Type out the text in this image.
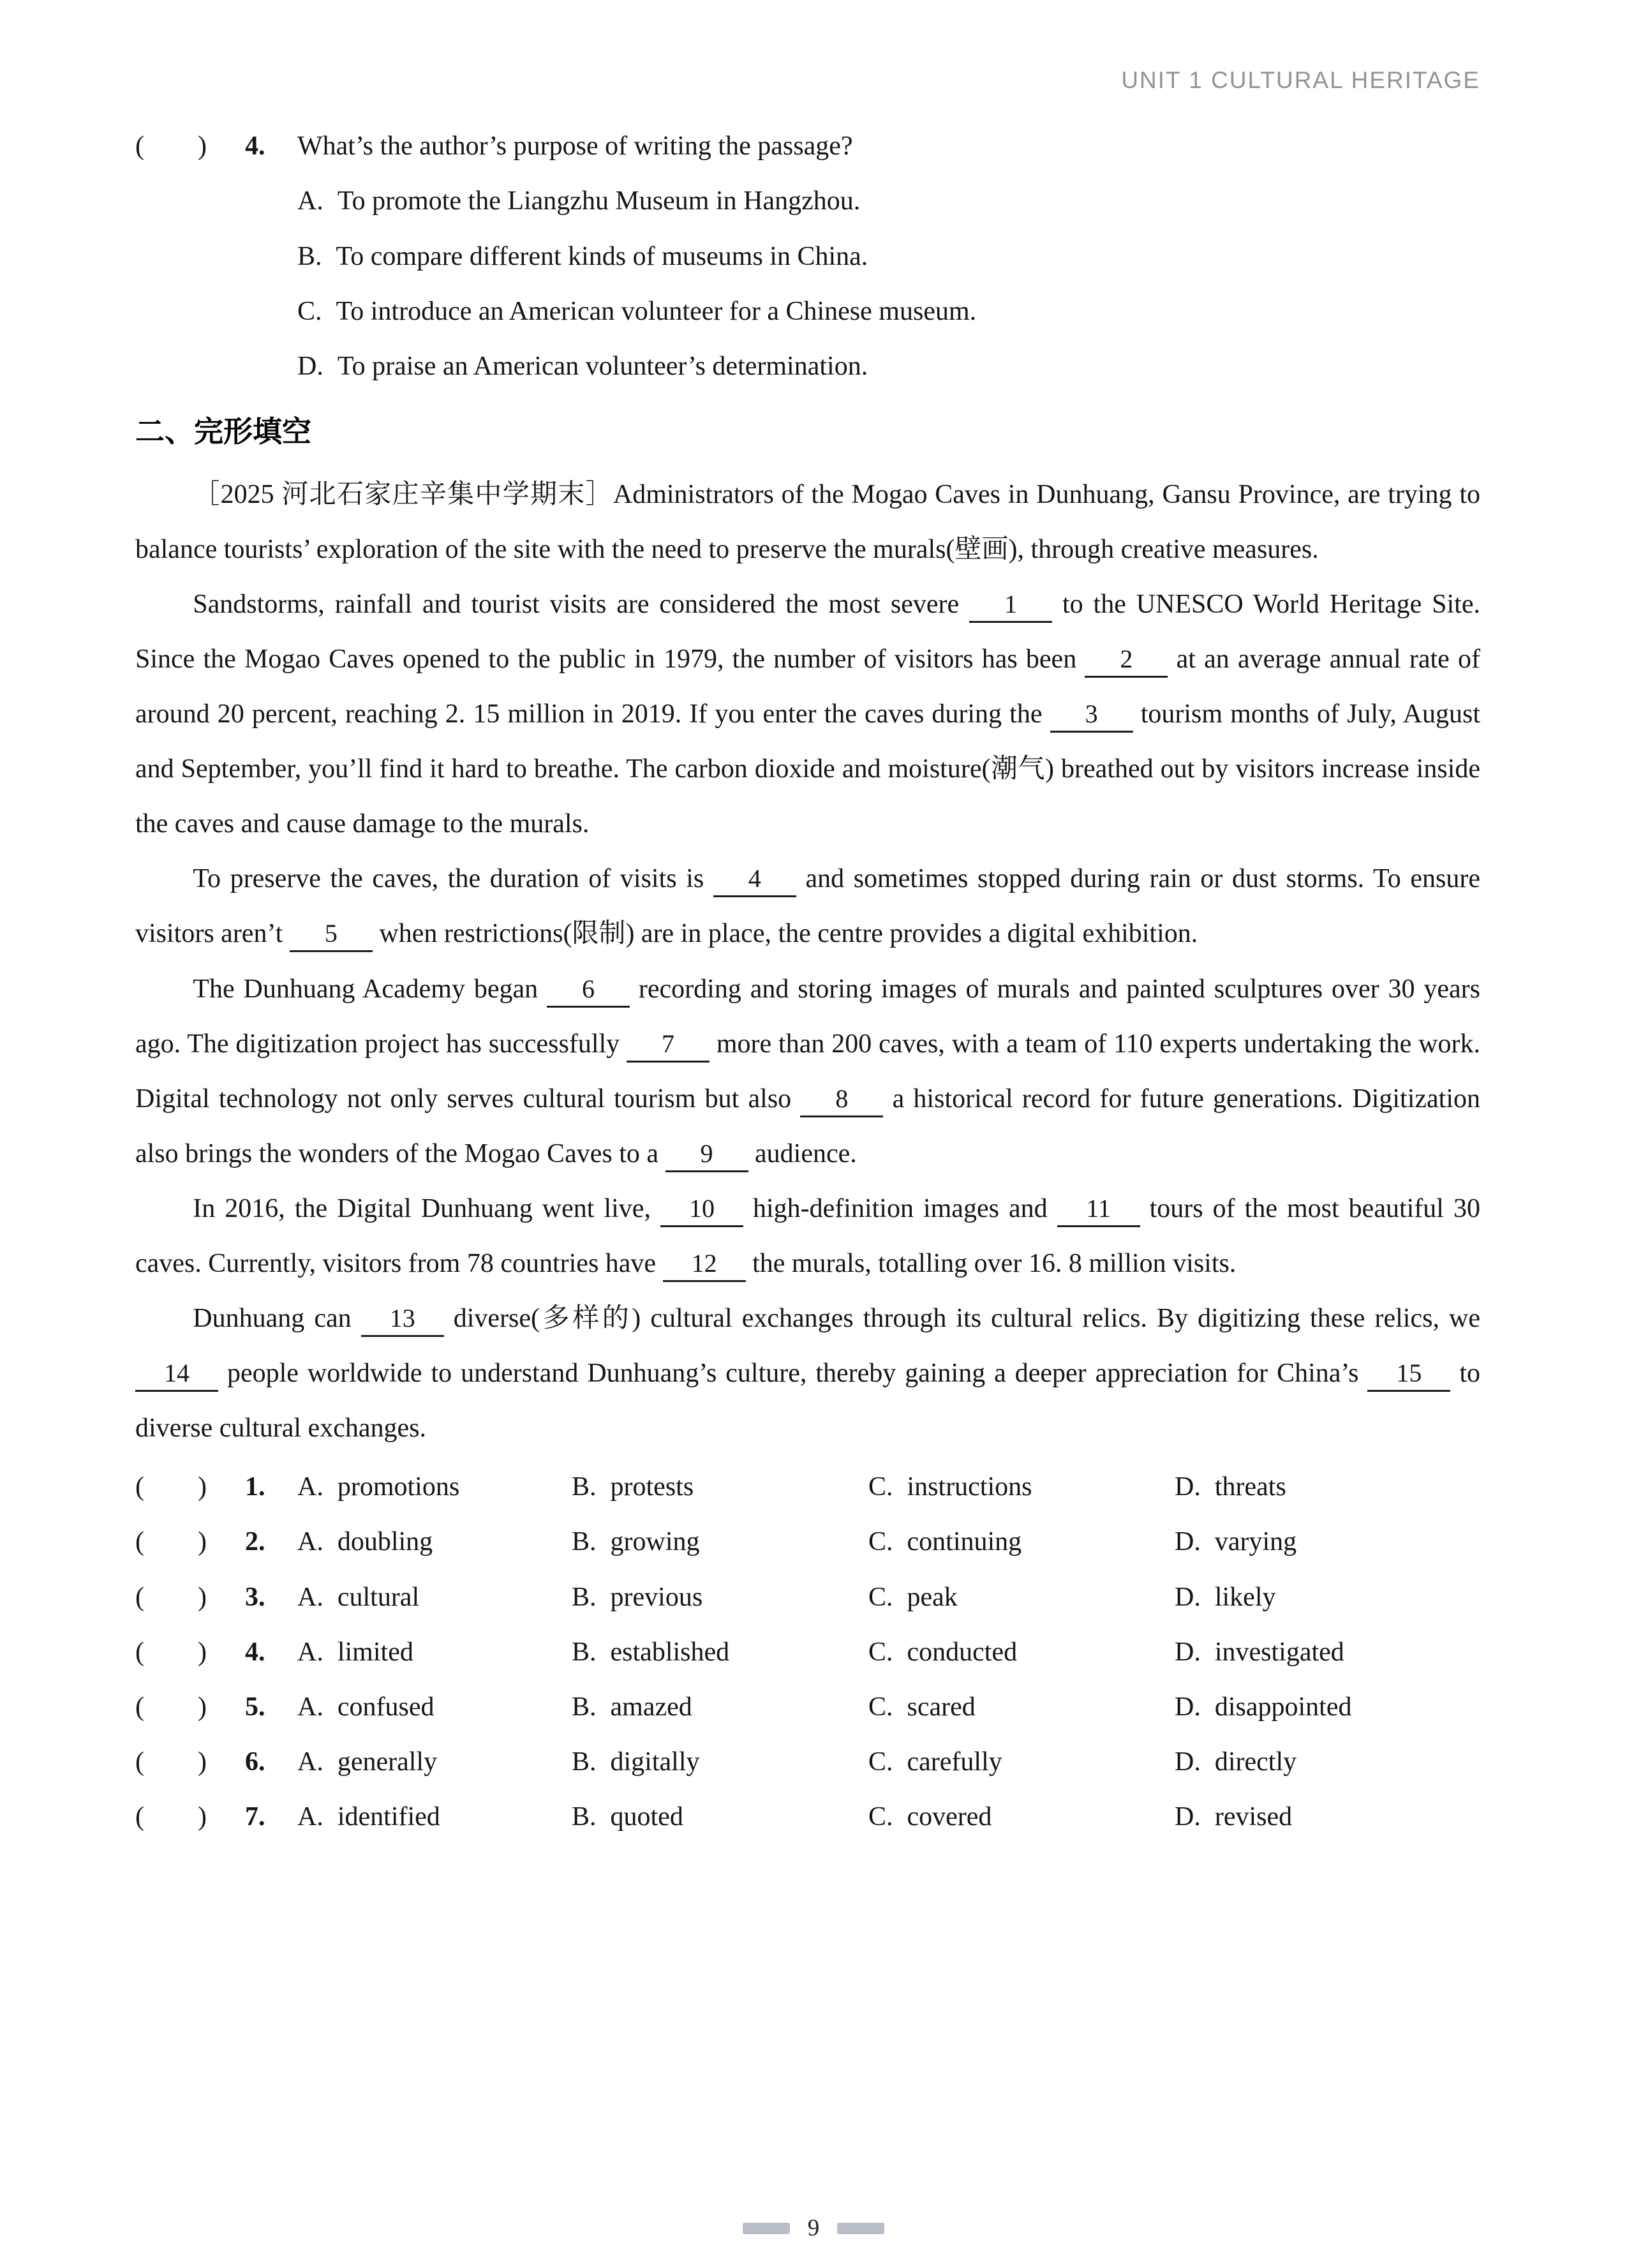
UNIT 1 CULTURAL HERITAGE
(　　)	4.	What’s the author’s purpose of writing the passage?
A. To promote the Liangzhu Museum in Hangzhou.
B. To compare different kinds of museums in China.
C. To introduce an American volunteer for a Chinese museum.
D. To praise an American volunteer’s determination.
二、完形填空

［2025 河北石家庄辛集中学期末］Administrators of the Mogao Caves in Dunhuang, Gansu Province, are trying to balance tourists’ exploration of the site with the need to preserve the murals(壁画), through creative measures.

Sandstorms, rainfall and tourist visits are considered the most severe 1 to the UNESCO World Heritage Site. Since the Mogao Caves opened to the public in 1979, the number of visitors has been 2 at an average annual rate of around 20 percent, reaching 2. 15 million in 2019. If you enter the caves during the 3 tourism months of July, August and September, you’ll find it hard to breathe. The carbon dioxide and moisture(潮气) breathed out by visitors increase inside the caves and cause damage to the murals.

To preserve the caves, the duration of visits is 4 and sometimes stopped during rain or dust storms. To ensure visitors aren’t 5 when restrictions(限制) are in place, the centre provides a digital exhibition.

The Dunhuang Academy began 6 recording and storing images of murals and painted sculptures over 30 years ago. The digitization project has successfully 7 more than 200 caves, with a team of 110 experts undertaking the work. Digital technology not only serves cultural tourism but also 8 a historical record for future generations. Digitization also brings the wonders of the Mogao Caves to a 9 audience.

In 2016, the Digital Dunhuang went live, 10 high-definition images and 11 tours of the most beautiful 30 caves. Currently, visitors from 78 countries have 12 the murals, totalling over 16. 8 million visits.

Dunhuang can 13 diverse(多样的) cultural exchanges through its cultural relics. By digitizing these relics, we 14 people worldwide to understand Dunhuang’s culture, thereby gaining a deeper appreciation for China’s 15 to diverse cultural exchanges.

(　　)	1.	A. promotions	B. protests	C. instructions	D. threats
(　　)	2.	A. doubling	B. growing	C. continuing	D. varying
(　　)	3.	A. cultural	B. previous	C. peak	D. likely
(　　)	4.	A. limited	B. established	C. conducted	D. investigated
(　　)	5.	A. confused	B. amazed	C. scared	D. disappointed
(　　)	6.	A. generally	B. digitally	C. carefully	D. directly
(　　)	7.	A. identified	B. quoted	C. covered	D. revised
9
